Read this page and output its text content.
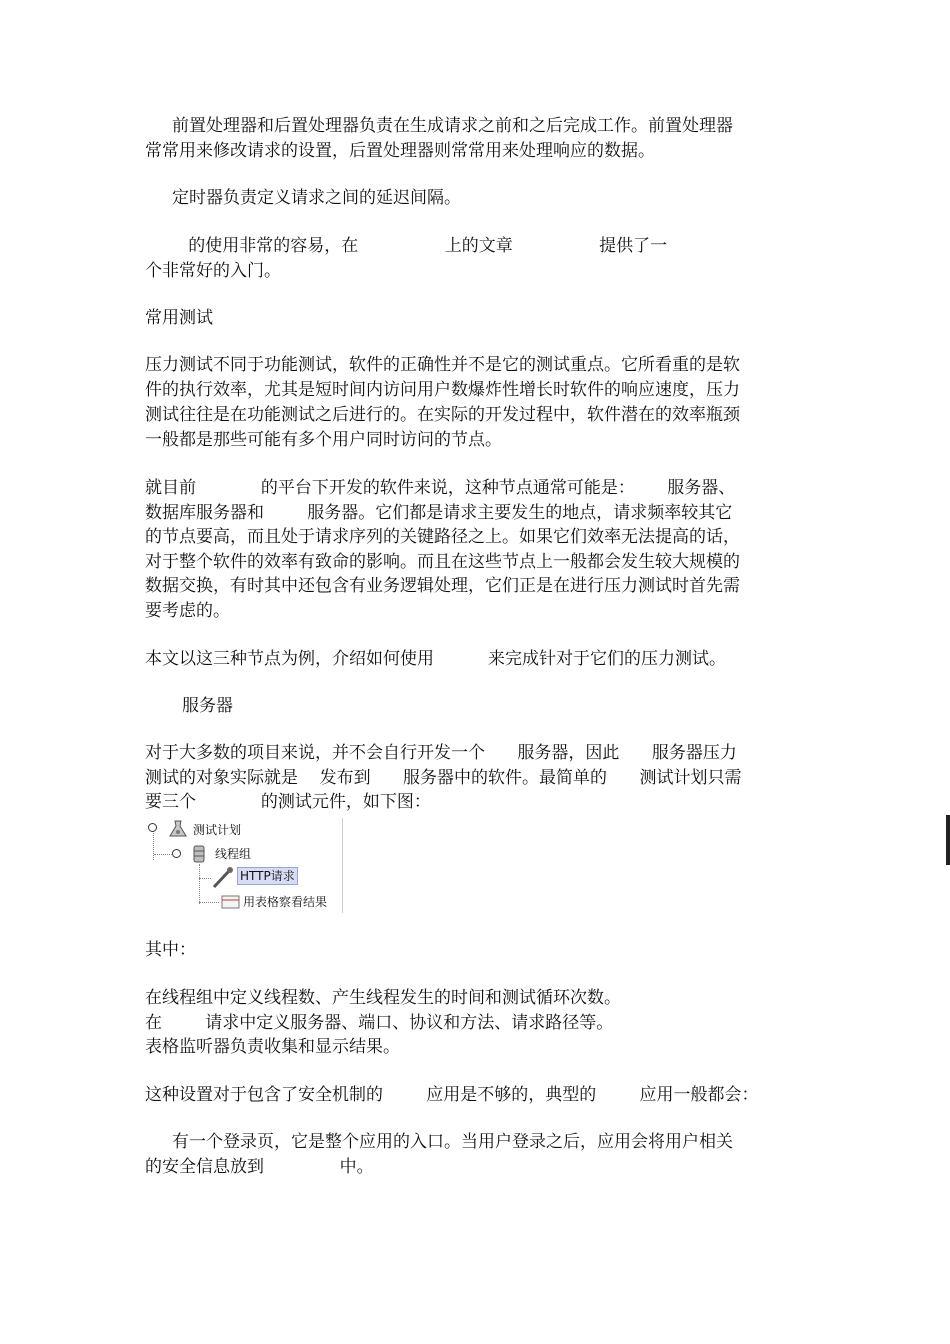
前置处理器和后置处理器负责在生成请求之前和之后完成工作。前置处理器
常常用来修改请求的设置，后置处理器则常常用来处理响应的数据。
定时器负责定义请求之间的延迟间隔。
的使用非常的容易，在                上的文章                提供了一
个非常好的入门。
常用测试
压力测试不同于功能测试，软件的正确性并不是它的测试重点。它所看重的是软
件的执行效率，尤其是短时间内访问用户数爆炸性增长时软件的响应速度，压力
测试往往是在功能测试之后进行的。在实际的开发过程中，软件潜在的效率瓶颈
一般都是那些可能有多个用户同时访问的节点。
就目前            的平台下开发的软件来说，这种节点通常可能是：      服务器、
数据库服务器和        服务器。它们都是请求主要发生的地点，请求频率较其它
的节点要高，而且处于请求序列的关键路径之上。如果它们效率无法提高的话，
对于整个软件的效率有致命的影响。而且在这些节点上一般都会发生较大规模的
数据交换，有时其中还包含有业务逻辑处理，它们正是在进行压力测试时首先需
要考虑的。
本文以这三种节点为例，介绍如何使用          来完成针对于它们的压力测试。
服务器
对于大多数的项目来说，并不会自行开发一个      服务器，因此      服务器压力
测试的对象实际就是    发布到      服务器中的软件。最简单的      测试计划只需
要三个            的测试元件，如下图：
测试计划
线程组
HTTP请求
用表格察看结果
其中：
在线程组中定义线程数、产生线程发生的时间和测试循环次数。
在        请求中定义服务器、端口、协议和方法、请求路径等。
表格监听器负责收集和显示结果。
这种设置对于包含了安全机制的        应用是不够的，典型的        应用一般都会：
有一个登录页，它是整个应用的入口。当用户登录之后，应用会将用户相关
的安全信息放到              中。
